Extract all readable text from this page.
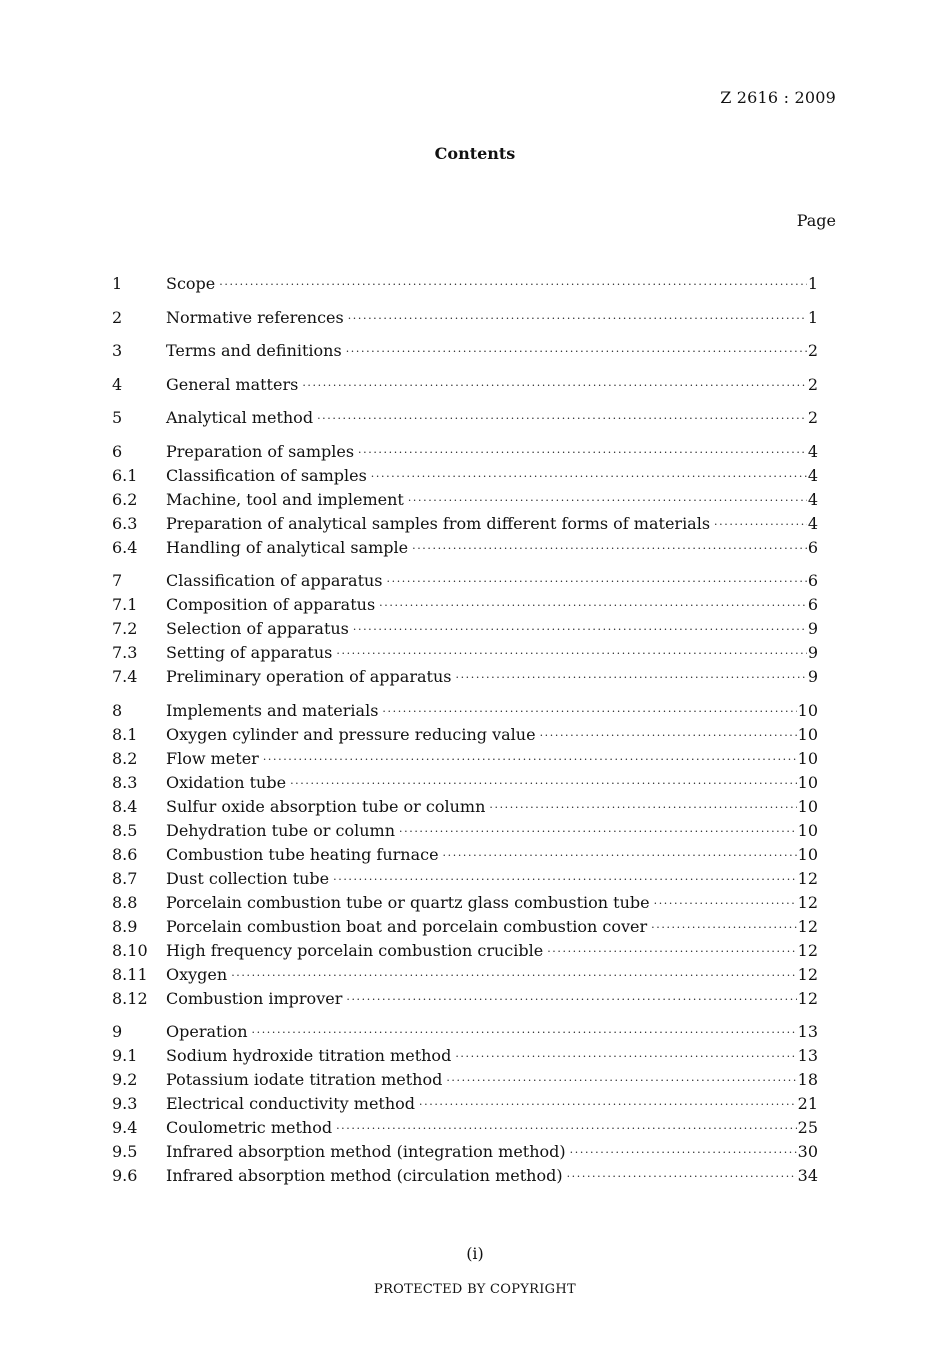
Z 2616 : 2009
Contents
Page
1	Scope ·····	1
2	Normative references ·····	1
3	Terms and definitions ·····	2
4	General matters ·····	2
5	Analytical method ·····	2
6	Preparation of samples ·····	4
6.1	Classification of samples ·····	4
6.2	Machine, tool and implement ·····	4
6.3	Preparation of analytical samples from different forms of materials ·····	4
6.4	Handling of analytical sample ·····	6
7	Classification of apparatus ·····	6
7.1	Composition of apparatus ·····	6
7.2	Selection of apparatus ·····	9
7.3	Setting of apparatus ·····	9
7.4	Preliminary operation of apparatus ·····	9
8	Implements and materials ·····	10
8.1	Oxygen cylinder and pressure reducing value ·····	10
8.2	Flow meter ·····	10
8.3	Oxidation tube ·····	10
8.4	Sulfur oxide absorption tube or column ·····	10
8.5	Dehydration tube or column ·····	10
8.6	Combustion tube heating furnace ·····	10
8.7	Dust collection tube ·····	12
8.8	Porcelain combustion tube or quartz glass combustion tube ·····	12
8.9	Porcelain combustion boat and porcelain combustion cover ·····	12
8.10	High frequency porcelain combustion crucible ·····	12
8.11	Oxygen ·····	12
8.12	Combustion improver ·····	12
9	Operation ·····	13
9.1	Sodium hydroxide titration method ·····	13
9.2	Potassium iodate titration method ·····	18
9.3	Electrical conductivity method ·····	21
9.4	Coulometric method ·····	25
9.5	Infrared absorption method (integration method) ·····	30
9.6	Infrared absorption method (circulation method) ·····	34
(i)
PROTECTED BY COPYRIGHT
